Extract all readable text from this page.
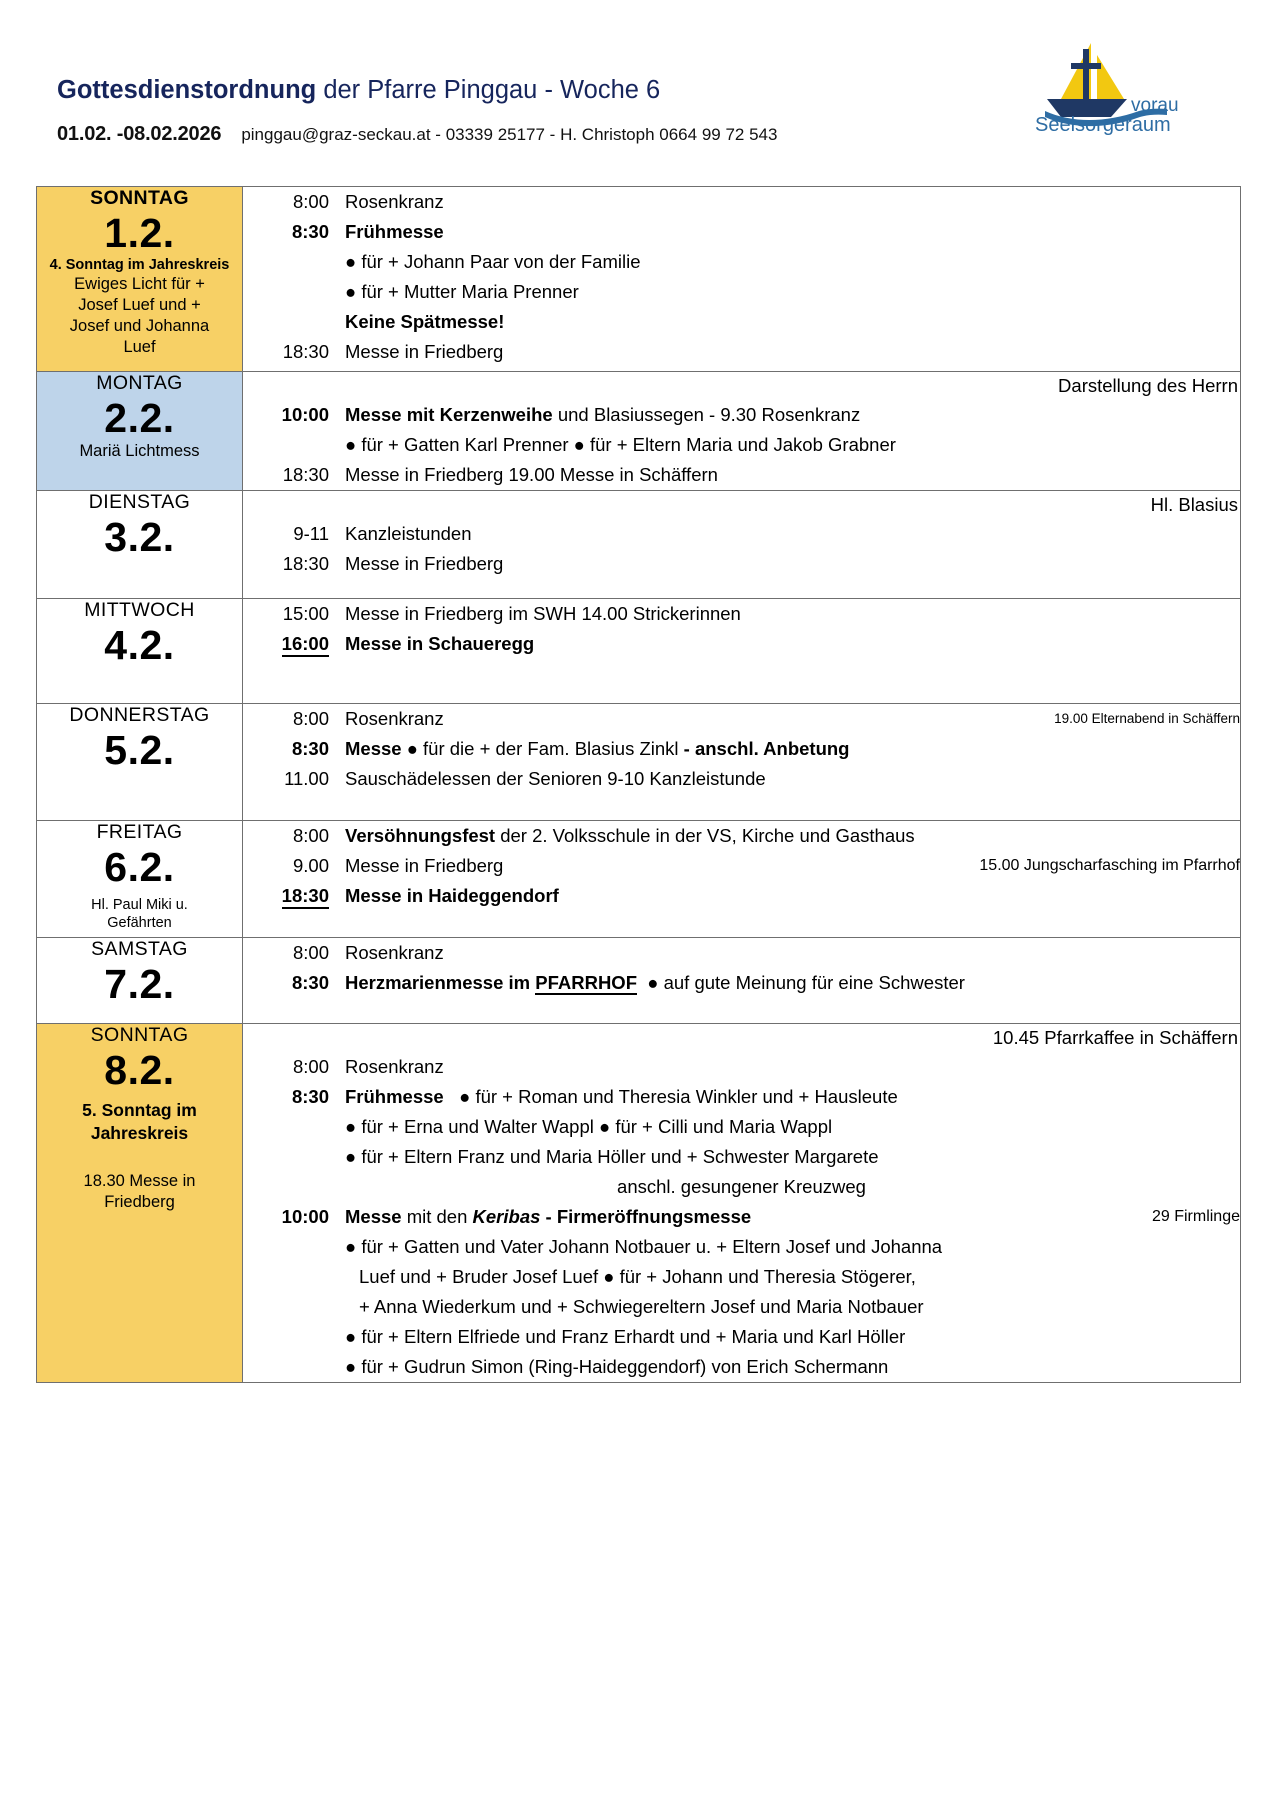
Gottesdienstordnung der Pfarre Pinggau - Woche 6
01.02. -08.02.2026 pinggau@graz-seckau.at - 03339 25177 - H. Christoph 0664 99 72 543
vorau
Seelsorgeraum
SONNTAG
1.2.
4. Sonntag im Jahreskreis
Ewiges Licht für +
Josef Luef und +
Josef und Johanna
Luef

8:00 Rosenkranz
8:30 Frühmesse
● für + Johann Paar von der Familie
● für + Mutter Maria Prenner
Keine Spätmesse!
18:30 Messe in Friedberg

MONTAG
2.2.
Mariä Lichtmess

Darstellung des Herrn
10:00 Messe mit Kerzenweihe und Blasiussegen - 9.30 Rosenkranz
● für + Gatten Karl Prenner ● für + Eltern Maria und Jakob Grabner
18:30 Messe in Friedberg 19.00 Messe in Schäffern

DIENSTAG
3.2.

Hl. Blasius
9-11 Kanzleistunden
18:30 Messe in Friedberg

MITTWOCH
4.2.

15:00 Messe in Friedberg im SWH 14.00 Strickerinnen
16:00 Messe in Schaueregg

DONNERSTAG
5.2.

8:00 Rosenkranz	19.00 Elternabend in Schäffern
8:30 Messe ● für die + der Fam. Blasius Zinkl - anschl. Anbetung
11.00 Sauschädelessen der Senioren 9-10 Kanzleistunde

FREITAG
6.2.
Hl. Paul Miki u.
Gefährten

8:00 Versöhnungsfest der 2. Volksschule in der VS, Kirche und Gasthaus
9.00 Messe in Friedberg	15.00 Jungscharfasching im Pfarrhof
18:30 Messe in Haideggendorf

SAMSTAG
7.2.

8:00 Rosenkranz
8:30 Herzmarienmesse im PFARRHOF  ● auf gute Meinung für eine Schwester

SONNTAG
8.2.
5. Sonntag im
Jahreskreis
18.30 Messe in
Friedberg

10.45 Pfarrkaffee in Schäffern
8:00 Rosenkranz
8:30 Frühmesse   ● für + Roman und Theresia Winkler und + Hausleute
● für + Erna und Walter Wappl ● für + Cilli und Maria Wappl
● für + Eltern Franz und Maria Höller und + Schwester Margarete
anschl. gesungener Kreuzweg
10:00 Messe mit den Keribas - Firmeröffnungsmesse	29 Firmlinge
● für + Gatten und Vater Johann Notbauer u. + Eltern Josef und Johanna
Luef und + Bruder Josef Luef ● für + Johann und Theresia Stögerer,
+ Anna Wiederkum und + Schwiegereltern Josef und Maria Notbauer
● für + Eltern Elfriede und Franz Erhardt und + Maria und Karl Höller
● für + Gudrun Simon (Ring-Haideggendorf) von Erich Schermann
